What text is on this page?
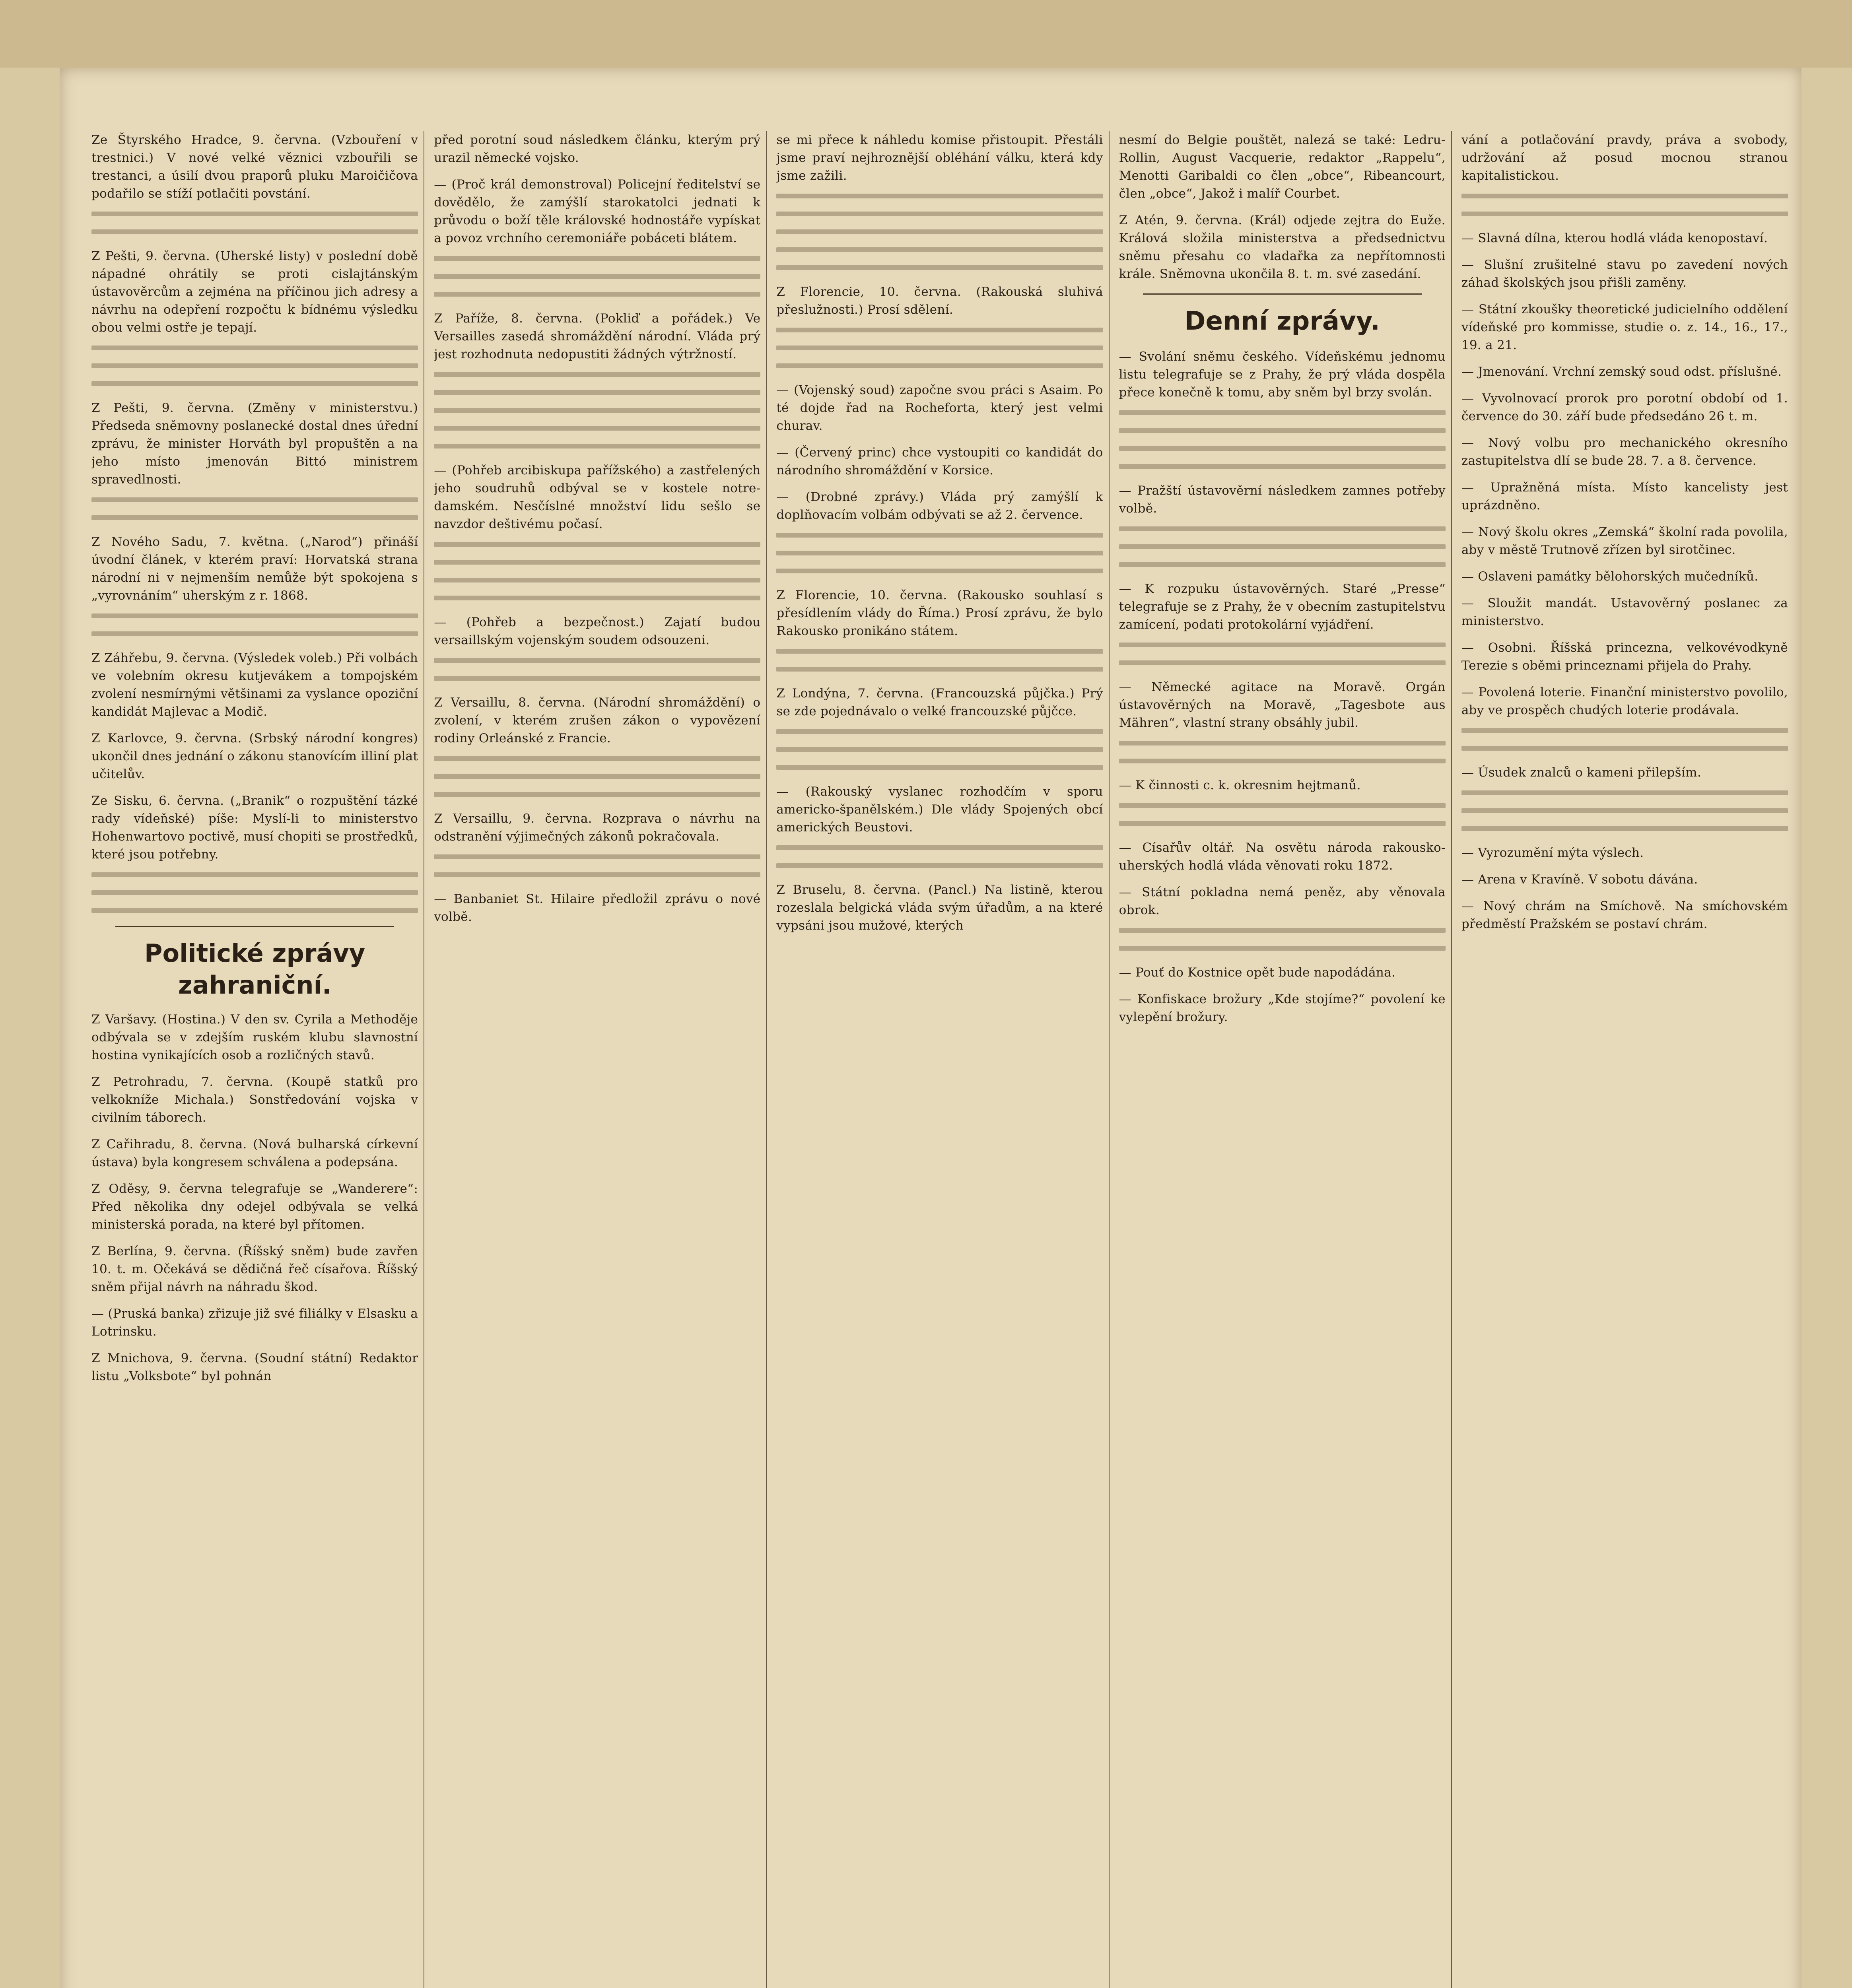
Ze Štyrského Hradce, 9. června. (Vzbouření v trestnici.) V nové velké věznici vzbouřili se trestanci, a úsilí dvou praporů pluku Maroičičova podařilo se stíží potlačiti povstání.

Z Pešti, 9. června. (Uherské listy) v poslední době nápadné ohrátily se proti cislajtánským ústavověrcům a zejména na příčinou jich adresy a návrhu na odepření rozpočtu k bídnému výsledku obou velmi ostře je tepají.

Z Pešti, 9. června. (Změny v ministerstvu.) Předseda sněmovny poslanecké dostal dnes úřední zprávu, že minister Horváth byl propuštěn a na jeho místo jmenován Bittó ministrem spravedlnosti.

Z Nového Sadu, 7. května. („Narod“) přináší úvodní článek, v kterém praví: Horvatská strana národní ni v nejmenším nemůže být spokojena s „vyrovnáním“ uherským z r. 1868.

Z Záhřebu, 9. června. (Výsledek voleb.) Při volbách ve volebním okresu kutjevákem a tompojském zvolení nesmírnými většinami za vyslance opoziční kandidát Majlevac a Modič.

Z Karlovce, 9. června. (Srbský národní kongres) ukončil dnes jednání o zákonu stanovícím illiní plat učitelův.

Ze Sisku, 6. června. („Branik“ o rozpuštění tázké rady vídeňské) píše: Myslí-li to ministerstvo Hohenwartovo poctivě, musí chopiti se prostředků, které jsou potřebny.

Politické zprávy zahraniční.

Z Varšavy. (Hostina.) V den sv. Cyrila a Methoděje odbývala se v zdejším ruském klubu slavnostní hostina vynikajících osob a rozličných stavů.

Z Petrohradu, 7. června. (Koupě statků pro velkokníže Michala.) Sonstředování vojska v civilním táborech.

Z Cařihradu, 8. června. (Nová bulharská církevní ústava) byla kongresem schválena a podepsána.

Z Oděsy, 9. června telegrafuje se „Wanderere“: Před několika dny odejel odbývala se velká ministerská porada, na které byl přítomen.

Z Berlína, 9. června. (Říšský sněm) bude zavřen 10. t. m. Očekává se dědičná řeč císařova. Říšský sněm přijal návrh na náhradu škod.

— (Pruská banka) zřizuje již své filiálky v Elsasku a Lotrinsku.

Z Mnichova, 9. června. (Soudní státní) Redaktor listu „Volksbote“ byl pohnán

před porotní soud následkem článku, kterým prý urazil německé vojsko.

— (Proč král demonstroval) Policejní ředitelství se dovědělo, že zamýšlí starokatolci jednati k průvodu o boží těle královské hodnostáře vypískat a povoz vrchního ceremoniáře pobáceti blátem.

Z Paříže, 8. června. (Pokliď a pořádek.) Ve Versailles zasedá shromáždění národní. Vláda prý jest rozhodnuta nedopustiti žádných výtržností.

— (Pohřeb arcibiskupa pařížského) a zastřelených jeho soudruhů odbýval se v kostele notre-damském. Nesčíslné množství lidu sešlo se navzdor deštivému počasí.

— (Pohřeb a bezpečnost.) Zajatí budou versaillským vojenským soudem odsouzeni.

Z Versaillu, 8. června. (Národní shromáždění) o zvolení, v kterém zrušen zákon o vypovězení rodiny Orleánské z Francie.

Z Versaillu, 9. června. Rozprava o návrhu na odstranění výjimečných zákonů pokračovala.

— Banbaniet St. Hilaire předložil zprávu o nové volbě.

se mi přece k náhledu komise přistoupit. Přestáli jsme praví nejhroznější obléhání válku, která kdy jsme zažili.

Z Florencie, 10. června. (Rakouská sluhivá přeslužnosti.) Prosí sdělení.

— (Vojenský soud) započne svou práci s Asaim. Po té dojde řad na Rocheforta, který jest velmi churav.

— (Červený princ) chce vystoupiti co kandidát do národního shromáždění v Korsice.

— (Drobné zprávy.) Vláda prý zamýšlí k doplňovacím volbám odbývati se až 2. července.

Z Florencie, 10. června. (Rakousko souhlasí s přesídlením vlády do Říma.) Prosí zprávu, že bylo Rakousko pronikáno státem.

Z Londýna, 7. června. (Francouzská půjčka.) Prý se zde pojednávalo o velké francouzské půjčce.

— (Rakouský vyslanec rozhodčím v sporu americko-španělském.) Dle vlády Spojených obcí amerických Beustovi.

Z Bruselu, 8. června. (Pancl.) Na listině, kterou rozeslala belgická vláda svým úřadům, a na které vypsáni jsou mužové, kterých

nesmí do Belgie pouštět, nalezá se také: Ledru-Rollin, August Vacquerie, redaktor „Rappelu“, Menotti Garibaldi co člen „obce“, Ribeancourt, člen „obce“, Jakož i malíř Courbet.

Z Atén, 9. června. (Král) odjede zejtra do Euže. Králová složila ministerstva a předsednictvu sněmu přesahu co vladařka za nepřítomnosti krále. Sněmovna ukončila 8. t. m. své zasedání.

Denní zprávy.

— Svolání sněmu českého. Vídeňskému jednomu listu telegrafuje se z Prahy, že prý vláda dospěla přece konečně k tomu, aby sněm byl brzy svolán.

— Pražští ústavověrní následkem zamnes potřeby volbě.

— K rozpuku ústavověrných. Staré „Presse“ telegrafuje se z Prahy, že v obecním zastupitelstvu zamícení, podati protokolární vyjádření.

— Německé agitace na Moravě. Orgán ústavověrných na Moravě, „Tagesbote aus Mähren“, vlastní strany obsáhly jubil.

— K činnosti c. k. okresnim hejtmanů.

— Císařův oltář. Na osvětu národa rakousko-uherských hodlá vláda věnovati roku 1872.

— Státní pokladna nemá peněz, aby věnovala obrok.

— Pouť do Kostnice opět bude napodádána.

— Konfiskace brožury „Kde stojíme?“ povolení ke vylepění brožury.

vání a potlačování pravdy, práva a svobody, udržování až posud mocnou stranou kapitalistickou.

— Slavná dílna, kterou hodlá vláda kenopostaví.

— Slušní zrušitelné stavu po zavedení nových záhad školských jsou přišli zaměny.

— Státní zkoušky theoretické judicielního oddělení vídeňské pro kommisse, studie o. z. 14., 16., 17., 19. a 21.

— Jmenování. Vrchní zemský soud odst. příslušné.

— Vyvolnovací prorok pro porotní období od 1. července do 30. září bude předsedáno 26 t. m.

— Nový volbu pro mechanického okresního zastupitelstva dlí se bude 28. 7. a 8. července.

— Upražněná místa. Místo kancelisty jest uprázdněno.

— Nový školu okres „Zemská“ školní rada povolila, aby v městě Trutnově zřízen byl sirotčinec.

— Oslaveni památky bělohorských mučedníků.

— Sloužit mandát. Ustavověrný poslanec za ministerstvo.

— Osobni. Říšská princezna, velkovévodkyně Terezie s oběmi princeznami přijela do Prahy.

— Povolená loterie. Finanční ministerstvo povolilo, aby ve prospěch chudých loterie prodávala.

— Úsudek znalců o kameni přilepším.

— Vyrozumění mýta výslech.

— Arena v Kravíně. V sobotu dávána.

— Nový chrám na Smíchově. Na smíchovském předměstí Pražském se postaví chrám.
